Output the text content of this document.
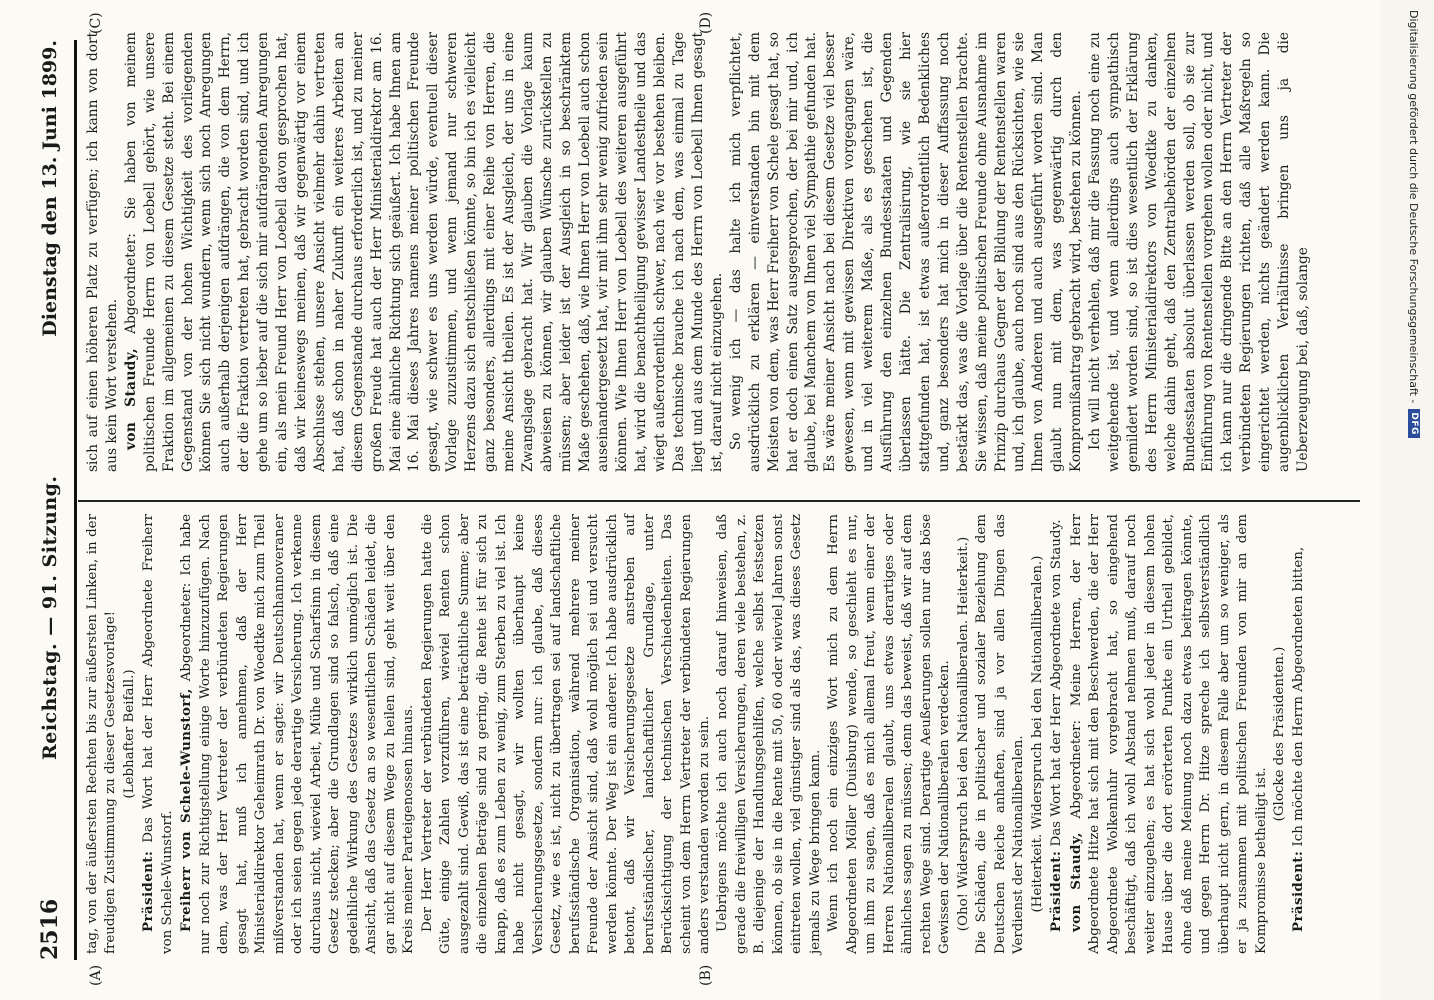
2516
Reichstag. — 91. Sitzung.
Dienstag den 13. Juni 1899.
(A)	(B)
(C)	(D)

tag, von der äußersten Rechten bis zur äußersten Linken, in der freudigen Zustimmung zu dieser Gesetzesvorlage! (Lebhafter Beifall.)

Präsident: Das Wort hat der Herr Abgeordnete Freiherr von Schele-Wunstorf. Freiherr von Schele-Wunstorf, Abgeordneter: Ich habe nur noch zur Richtigstellung einige Worte hinzuzufügen. Nach dem, was der Herr Vertreter der verbündeten Regierungen gesagt hat, muß ich annehmen, daß der Herr Ministerialdirektor Geheimrath Dr. von Woedtke mich zum Theil mißverstanden hat, wenn er sagte: wir Deutschhannoveraner oder ich seien gegen jede derartige Versicherung. Ich verkenne durchaus nicht, wieviel Arbeit, Mühe und Scharfsinn in diesem Gesetz stecken; aber die Grundlagen sind so falsch, daß eine gedeihliche Wirkung des Gesetzes wirklich unmöglich ist. Die Ansicht, daß das Gesetz an so wesentlichen Schäden leidet, die gar nicht auf diesem Wege zu heilen sind, geht weit über den Kreis meiner Parteigenossen hinaus. Der Herr Vertreter der verbündeten Regierungen hatte die Güte, einige Zahlen vorzuführen, wieviel Renten schon ausgezahlt sind. Gewiß, das ist eine beträchtliche Summe; aber die einzelnen Beträge sind zu gering, die Rente ist für sich zu knapp, daß es zum Leben zu wenig, zum Sterben zu viel ist. Ich habe nicht gesagt, wir wollten überhaupt keine Versicherungsgesetze, sondern nur: ich glaube, daß dieses Gesetz, wie es ist, nicht zu übertragen sei auf landschaftliche berufsständische Organisation, während mehrere meiner Freunde der Ansicht sind, daß wohl möglich sei und versucht werden könnte. Der Weg ist ein anderer. Ich habe ausdrücklich betont, daß wir Versicherungsgesetze anstreben auf berufsständischer, landschaftlicher Grundlage, unter Berücksichtigung der technischen Verschiedenheiten. Das scheint von dem Herrn Vertreter der verbündeten Regierungen anders verstanden worden zu sein. Uebrigens möchte ich auch noch darauf hinweisen, daß gerade die freiwilligen Versicherungen, deren viele bestehen, z. B. diejenige der Handlungsgehilfen, welche selbst festsetzen können, ob sie in die Rente mit 50, 60 oder wieviel Jahren sonst eintreten wollen, viel günstiger sind als das, was dieses Gesetz jemals zu Wege bringen kann. Wenn ich noch ein einziges Wort mich zu dem Herrn Abgeordneten Möller (Duisburg) wende, so geschieht es nur, um ihm zu sagen, daß es mich allemal freut, wenn einer der Herren Nationalliberalen glaubt, uns etwas derartiges oder ähnliches sagen zu müssen; denn das beweist, daß wir auf dem rechten Wege sind. Derartige Aeußerungen sollen nur das böse Gewissen der Nationalliberalen verdecken. (Oho! Widerspruch bei den Nationalliberalen. Heiterkeit.) Die Schäden, die in politischer und sozialer Beziehung dem Deutschen Reiche anhaften, sind ja vor allen Dingen das Verdienst der Nationalliberalen. (Heiterkeit. Widerspruch bei den Nationalliberalen.) Präsident: Das Wort hat der Herr Abgeordnete von Staudy.

von Staudy, Abgeordneter: Meine Herren, der Herr Abgeordnete Hitze hat sich mit den Beschwerden, die der Herr Abgeordnete Wolkenhuhr vorgebracht hat, so eingehend beschäftigt, daß ich wohl Abstand nehmen muß, darauf noch weiter einzugehen; es hat sich wohl jeder in diesem hohen Hause über die dort erörterten Punkte ein Urtheil gebildet, ohne daß meine Meinung noch dazu etwas beitragen könnte, und gegen Herrn Dr. Hitze spreche ich selbstverständlich überhaupt nicht gern, in diesem Falle aber um so weniger, als er ja zusammen mit politischen Freunden von mir an dem Kompromisse betheiligt ist.

(Glocke des Präsidenten.)

Präsident: Ich möchte den Herrn Abgeordneten bitten,

sich auf einen höheren Platz zu verfügen; ich kann von dort aus kein Wort verstehen. von Staudy, Abgeordneter: Sie haben von meinem politischen Freunde Herrn von Loebell gehört, wie unsere Fraktion im allgemeinen zu diesem Gesetze steht. Bei einem Gegenstand von der hohen Wichtigkeit des vorliegenden können Sie sich nicht wundern, wenn sich noch Anregungen auch außerhalb derjenigen aufdrängen, die von dem Herrn, der die Fraktion vertreten hat, gebracht worden sind, und ich gehe um so lieber auf die sich mir aufdrängenden Anregungen ein, als mein Freund Herr von Loebell davon gesprochen hat, daß wir keineswegs meinen, daß wir gegenwärtig vor einem Abschlusse stehen, unsere Ansicht vielmehr dahin vertreten hat, daß schon in naher Zukunft ein weiteres Arbeiten an diesem Gegenstande durchaus erforderlich ist, und zu meiner großen Freude hat auch der Herr Ministerialdirektor am 16. Mai eine ähnliche Richtung sich geäußert. Ich habe Ihnen am 16. Mai dieses Jahres namens meiner politischen Freunde gesagt, wie schwer es uns werden würde, eventuell dieser Vorlage zuzustimmen, und wenn jemand nur schweren Herzens dazu sich entschließen könnte, so bin ich es vielleicht ganz besonders, allerdings mit einer Reihe von Herren, die meine Ansicht theilen. Es ist der Ausgleich, der uns in eine Zwangslage gebracht hat. Wir glauben die Vorlage kaum abweisen zu können, wir glauben Wünsche zurückstellen zu müssen; aber leider ist der Ausgleich in so beschränktem Maße geschehen, daß, wie Ihnen Herr von Loebell auch schon auseinandergesetzt hat, wir mit ihm sehr wenig zufrieden sein können. Wie Ihnen Herr von Loebell des weiteren ausgeführt hat, wird die benachtheiligung gewisser Landestheile und das wiegt außerordentlich schwer, nach wie vor bestehen bleiben. Das technische brauche ich nach dem, was einmal zu Tage liegt und aus dem Munde des Herrn von Loebell Ihnen gesagt ist, darauf nicht einzugehen. So wenig ich — das halte ich mich verpflichtet, ausdrücklich zu erklären — einverstanden bin mit dem Meisten von dem, was Herr Freiherr von Schele gesagt hat, so hat er doch einen Satz ausgesprochen, der bei mir und, ich glaube, bei Manchem von Ihnen viel Sympathie gefunden hat. Es wäre meiner Ansicht nach bei diesem Gesetze viel besser gewesen, wenn mit gewissen Direktiven vorgegangen wäre, und in viel weiterem Maße, als es geschehen ist, die Ausführung den einzelnen Bundesstaaten und Gegenden überlassen hätte. Die Zentralisirung, wie sie hier stattgefunden hat, ist etwas außerordentlich Bedenkliches und, ganz besonders hat mich in dieser Auffassung noch bestärkt das, was die Vorlage über die Rentenstellen brachte. Sie wissen, daß meine politischen Freunde ohne Ausnahme im Prinzip durchaus Gegner der Bildung der Rentenstellen waren und, ich glaube, auch noch sind aus den Rücksichten, wie sie Ihnen von Anderen und auch ausgeführt worden sind. Man glaubt nun mit dem, was gegenwärtig durch den Kompromißantrag gebracht wird, bestehen zu können. Ich will nicht verhehlen, daß mir die Fassung noch eine zu weitgehende ist, und wenn allerdings auch sympathisch gemildert worden sind, so ist dies wesentlich der Erklärung des Herrn Ministerialdirektors von Woedtke zu danken, welche dahin geht, daß den Zentralbehörden der einzelnen Bundesstaaten absolut überlassen werden soll, ob sie zur Einführung von Rentenstellen vorgehen wollen oder nicht, und ich kann nur die dringende Bitte an den Herrn Vertreter der verbündeten Regierungen richten, daß alle Maßregeln so eingerichtet werden, nichts geändert werden kann. Die augenblicklichen Verhältnisse bringen uns ja die Ueberzeugung bei, daß, solange	Digitalisierung gefördert durch die Deutsche Forschungsgemeinschaft -
DFG
